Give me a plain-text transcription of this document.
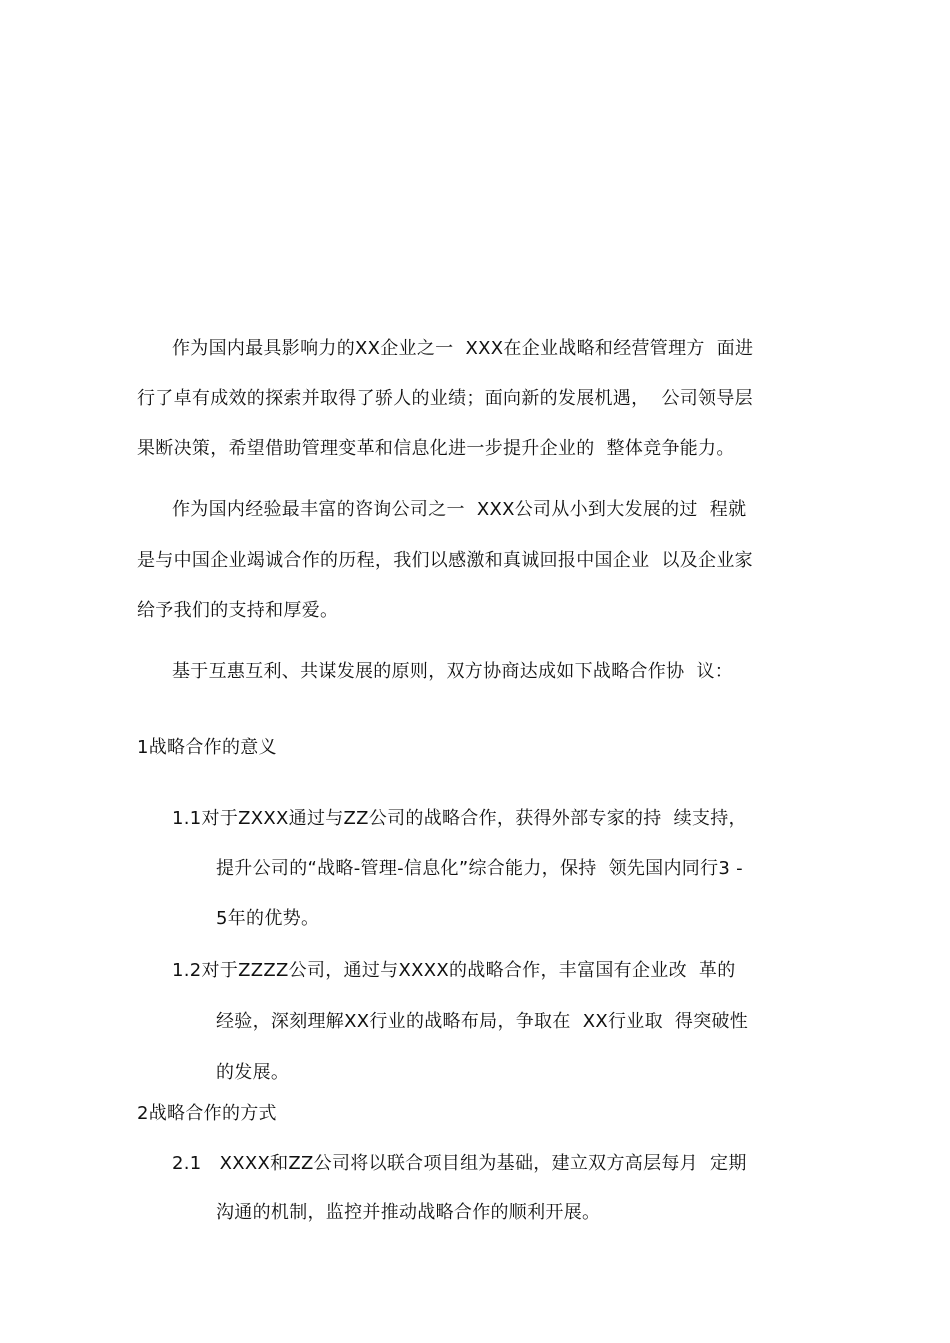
作为国内最具影响力的XX企业之一  XXX在企业战略和经营管理方  面进
行了卓有成效的探索并取得了骄人的业绩；面向新的发展机遇，  公司领导层
果断决策，希望借助管理变革和信息化进一步提升企业的  整体竞争能力。
作为国内经验最丰富的咨询公司之一  XXX公司从小到大发展的过  程就
是与中国企业竭诚合作的历程，我们以感激和真诚回报中国企业  以及企业家
给予我们的支持和厚爱。
基于互惠互利、共谋发展的原则，双方协商达成如下战略合作协  议：
1战略合作的意义
1.1对于ZXXX通过与ZZ公司的战略合作，获得外部专家的持  续支持，
提升公司的“战略-管理-信息化”综合能力，保持  领先国内同行3 -
5年的优势。
1.2对于ZZZZ公司，通过与XXXX的战略合作，丰富国有企业改  革的
经验，深刻理解XX行业的战略布局，争取在  XX行业取  得突破性
的发展。
2战略合作的方式
2.1   XXXX和ZZ公司将以联合项目组为基础，建立双方高层每月  定期
沟通的机制，监控并推动战略合作的顺利开展。
